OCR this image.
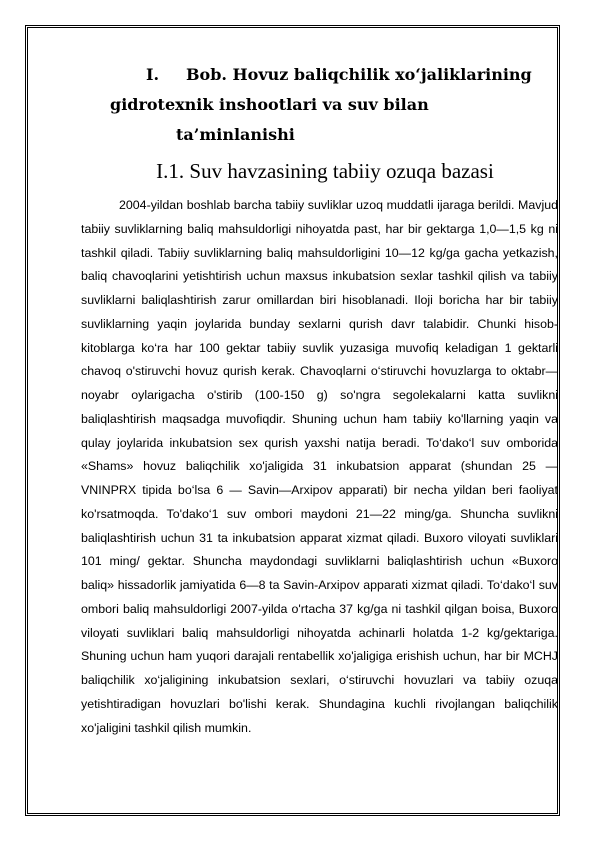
I. Bob. Hovuz baliqchilik xo‘jaliklarining
gidrotexnik inshootlari va suv bilan
ta’minlanishi
I.1. Suv havzasining tabiiy ozuqa bazasi

2004-yildan boshlab barcha tabiiy suvliklar uzoq muddatli ijaraga berildi. Mavjud tabiiy suvliklarning baliq mahsuldorligi nihoyatda past, har bir gektarga 1,0—1,5 kg ni tashkil qiladi. Tabiiy suvliklarning baliq mahsuldorligini 10—12 kg/ga gacha yetkazish, baliq chavoqlarini yetishtirish uchun maxsus inkubatsion sexlar tashkil qilish va tabiiy suvliklarni baliqlashtirish zarur omillardan biri hisoblanadi. Iloji boricha har bir tabiiy suvliklarning yaqin joylarida bunday sexlarni qurish davr talabidir. Chunki hisob-kitoblarga ko‘ra har 100 gektar tabiiy suvlik yuzasiga muvofiq keladigan 1 gektarli chavoq o'stiruvchi hovuz qurish kerak. Chavoqlarni o‘stiruvchi hovuzlarga to oktabr—noyabr oylarigacha o'stirib (100-150 g) so'ngra segolekalarni katta suvlikni baliqlashtirish maqsadga muvofiqdir. Shuning uchun ham tabiiy ko'llarning yaqin va qulay joylarida inkubatsion sex qurish yaxshi natija beradi. To‘dako‘l suv omborida «Shams» hovuz baliqchilik xo'jaligida 31 inkubatsion apparat (shundan 25 — VNINPRX tipida bo‘lsa 6 — Savin—Arxipov apparati) bir necha yildan beri faoliyat ko'rsatmoqda. To'dako‘1 suv ombori maydoni 21—22 ming/ga. Shuncha suvlikni baliqlashtirish uchun 31 ta inkubatsion apparat xizmat qiladi. Buxoro viloyati suvliklari 101 ming/ gektar. Shuncha maydondagi suvliklarni baliqlashtirish uchun «Buxoro baliq» hissadorlik jamiyatida 6—8 ta Savin-Arxipov apparati xizmat qiladi. To‘dako‘l suv ombori baliq mahsuldorligi 2007-yilda o'rtacha 37 kg/ga ni tashkil qilgan boisa, Buxoro viloyati suvliklari baliq mahsuldorligi nihoyatda achinarli holatda 1-2 kg/gektariga. Shuning uchun ham yuqori darajali rentabellik xo'jaligiga erishish uchun, har bir MCHJ baliqchilik xo‘jaligining inkubatsion sexlari, o‘stiruvchi hovuzlari va tabiiy ozuqa yetishtiradigan hovuzlari bo'lishi kerak. Shundagina kuchli rivojlangan baliqchilik xo'jaligini tashkil qilish mumkin.
